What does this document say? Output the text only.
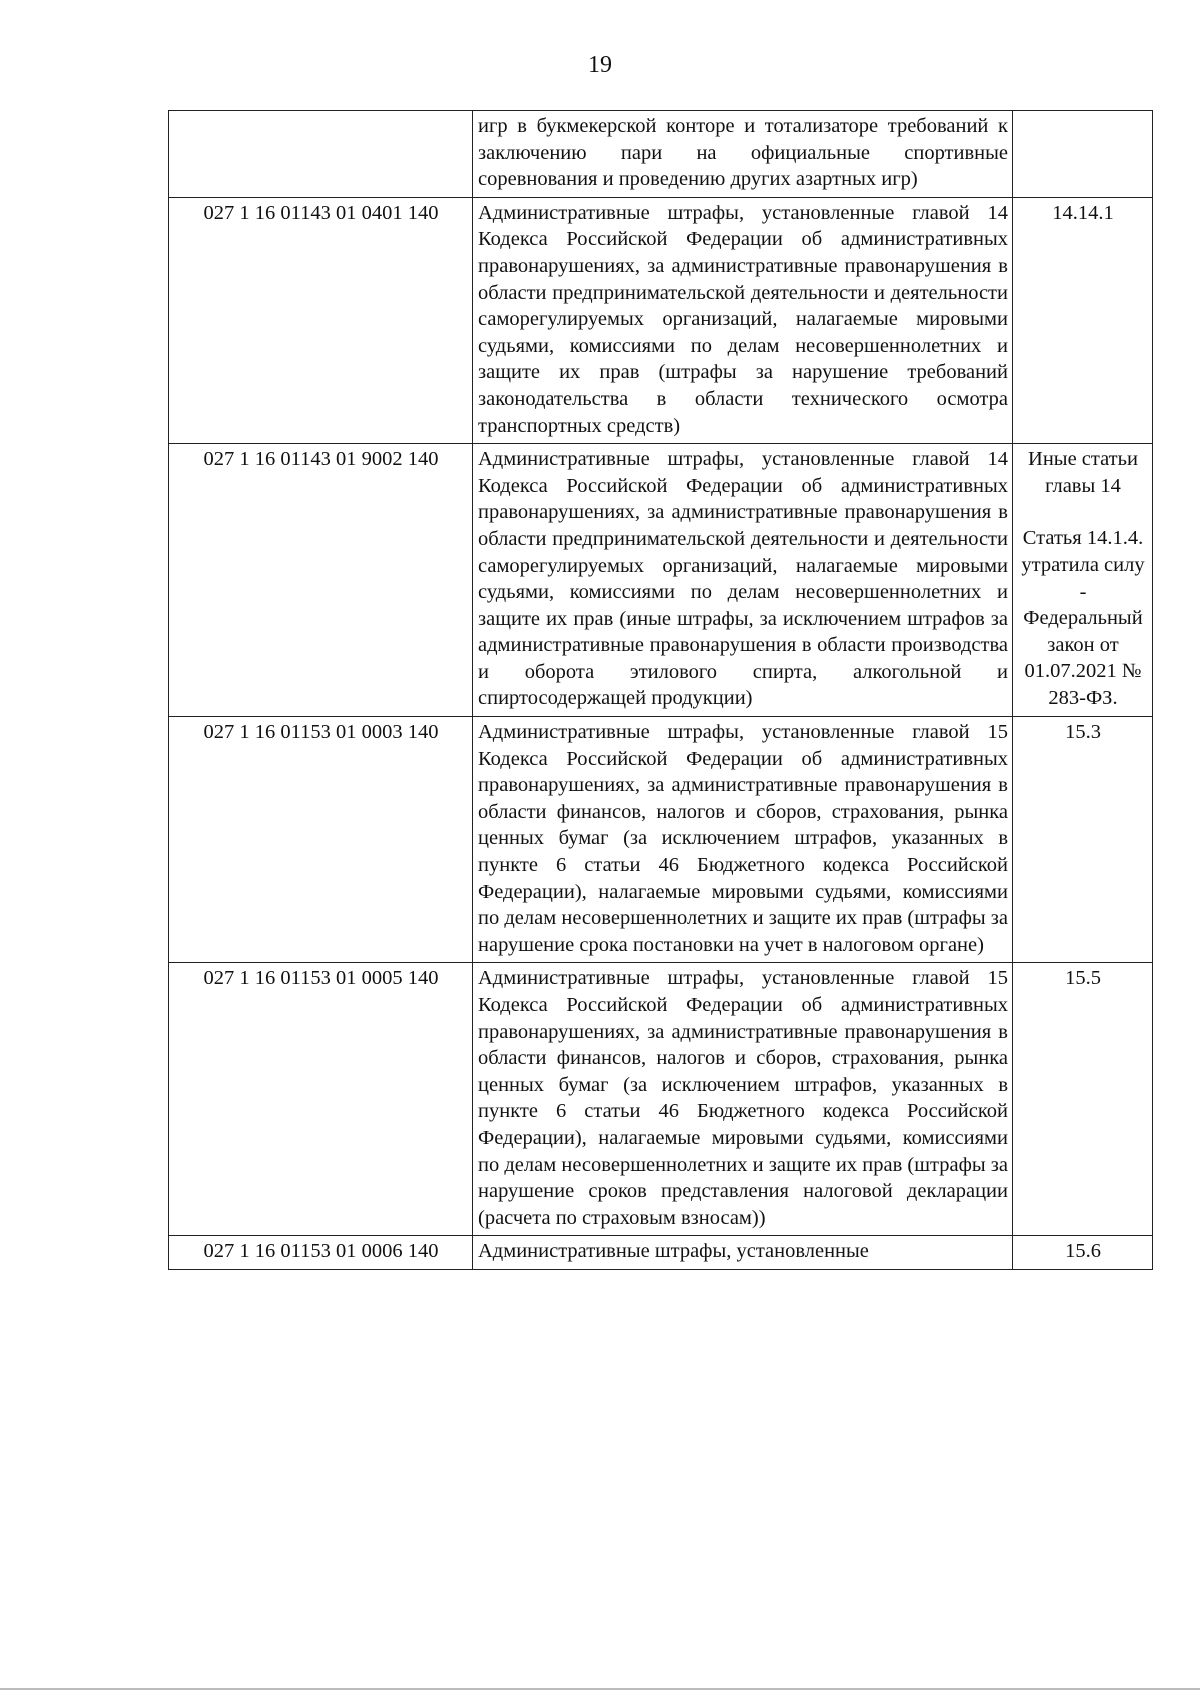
19
	игр в букмекерской конторе и тотализаторе требований к заключению пари на официальные спортивные соревнования и проведению других азартных игр)	
027 1 16 01143 01 0401 140	Административные штрафы, установленные главой 14 Кодекса Российской Федерации об административных правонарушениях, за административные правонарушения в области предпринимательской деятельности и деятельности саморегулируемых организаций, налагаемые мировыми судьями, комиссиями по делам несовершеннолетних и защите их прав (штрафы за нарушение требований законодательства в области технического осмотра транспортных средств)	14.14.1
027 1 16 01143 01 9002 140	Административные штрафы, установленные главой 14 Кодекса Российской Федерации об административных правонарушениях, за административные правонарушения в области предпринимательской деятельности и деятельности саморегулируемых организаций, налагаемые мировыми судьями, комиссиями по делам несовершеннолетних и защите их прав (иные штрафы, за исключением штрафов за административные правонарушения в области производства и оборота этилового спирта, алкогольной и спиртосодержащей продукции)	Иные статьи главы 14
Статья 14.1.4. утратила силу - Федеральный закон от 01.07.2021 № 283-ФЗ.

027 1 16 01153 01 0003 140	Административные штрафы, установленные главой 15 Кодекса Российской Федерации об административных правонарушениях, за административные правонарушения в области финансов, налогов и сборов, страхования, рынка ценных бумаг (за исключением штрафов, указанных в пункте 6 статьи 46 Бюджетного кодекса Российской Федерации), налагаемые мировыми судьями, комиссиями по делам несовершеннолетних и защите их прав (штрафы за нарушение срока постановки на учет в налоговом органе)	15.3
027 1 16 01153 01 0005 140	Административные штрафы, установленные главой 15 Кодекса Российской Федерации об административных правонарушениях, за административные правонарушения в области финансов, налогов и сборов, страхования, рынка ценных бумаг (за исключением штрафов, указанных в пункте 6 статьи 46 Бюджетного кодекса Российской Федерации), налагаемые мировыми судьями, комиссиями по делам несовершеннолетних и защите их прав (штрафы за нарушение сроков представления налоговой декларации (расчета по страховым взносам))	15.5
027 1 16 01153 01 0006 140	Административные штрафы, установленные	15.6
